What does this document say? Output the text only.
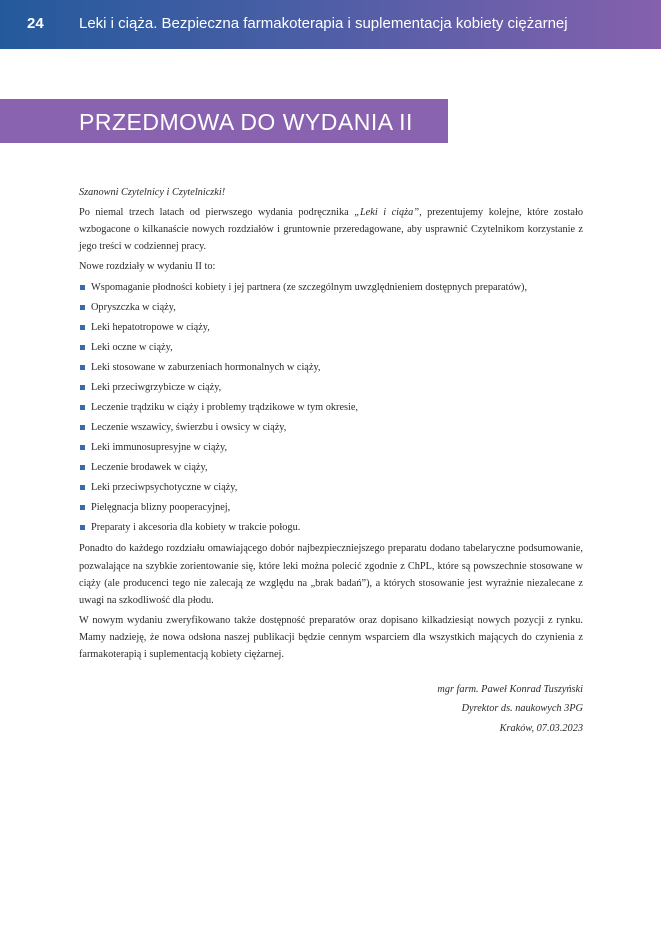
24 Leki i ciąża. Bezpieczna farmakoterapia i suplementacja kobiety ciężarnej
PRZEDMOWA DO WYDANIA II

Szanowni Czytelnicy i Czytelniczki!

Po niemal trzech latach od pierwszego wydania podręcznika „Leki i ciąża”, prezentujemy kolejne, które zostało wzbogacone o kilkanaście nowych rozdziałów i gruntownie przeredagowane, aby usprawnić Czytelnikom korzystanie z jego treści w codziennej pracy.

Nowe rozdziały w wydaniu II to:

Wspomaganie płodności kobiety i jej partnera (ze szczególnym uwzględnieniem dostępnych preparatów),
Opryszczka w ciąży,
Leki hepatotropowe w ciąży,
Leki oczne w ciąży,
Leki stosowane w zaburzeniach hormonalnych w ciąży,
Leki przeciwgrzybicze w ciąży,
Leczenie trądziku w ciąży i problemy trądzikowe w tym okresie,
Leczenie wszawicy, świerzbu i owsicy w ciąży,
Leki immunosupresyjne w ciąży,
Leczenie brodawek w ciąży,
Leki przeciwpsychotyczne w ciąży,
Pielęgnacja blizny pooperacyjnej,
Preparaty i akcesoria dla kobiety w trakcie połogu.

Ponadto do każdego rozdziału omawiającego dobór najbezpieczniejszego preparatu dodano tabelaryczne podsumowanie, pozwalające na szybkie zorientowanie się, które leki można polecić zgodnie z ChPL, które są powszechnie stosowane w ciąży (ale producenci tego nie zalecają ze względu na „brak badań”), a których stosowanie jest wyraźnie niezalecane z uwagi na szkodliwość dla płodu.

W nowym wydaniu zweryfikowano także dostępność preparatów oraz dopisano kilkadziesiąt nowych pozycji z rynku. Mamy nadzieję, że nowa odsłona naszej publikacji będzie cennym wsparciem dla wszystkich mających do czynienia z farmakoterapią i suplementacją kobiety ciężarnej.

mgr farm. Paweł Konrad Tuszyński
Dyrektor ds. naukowych 3PG
Kraków, 07.03.2023
